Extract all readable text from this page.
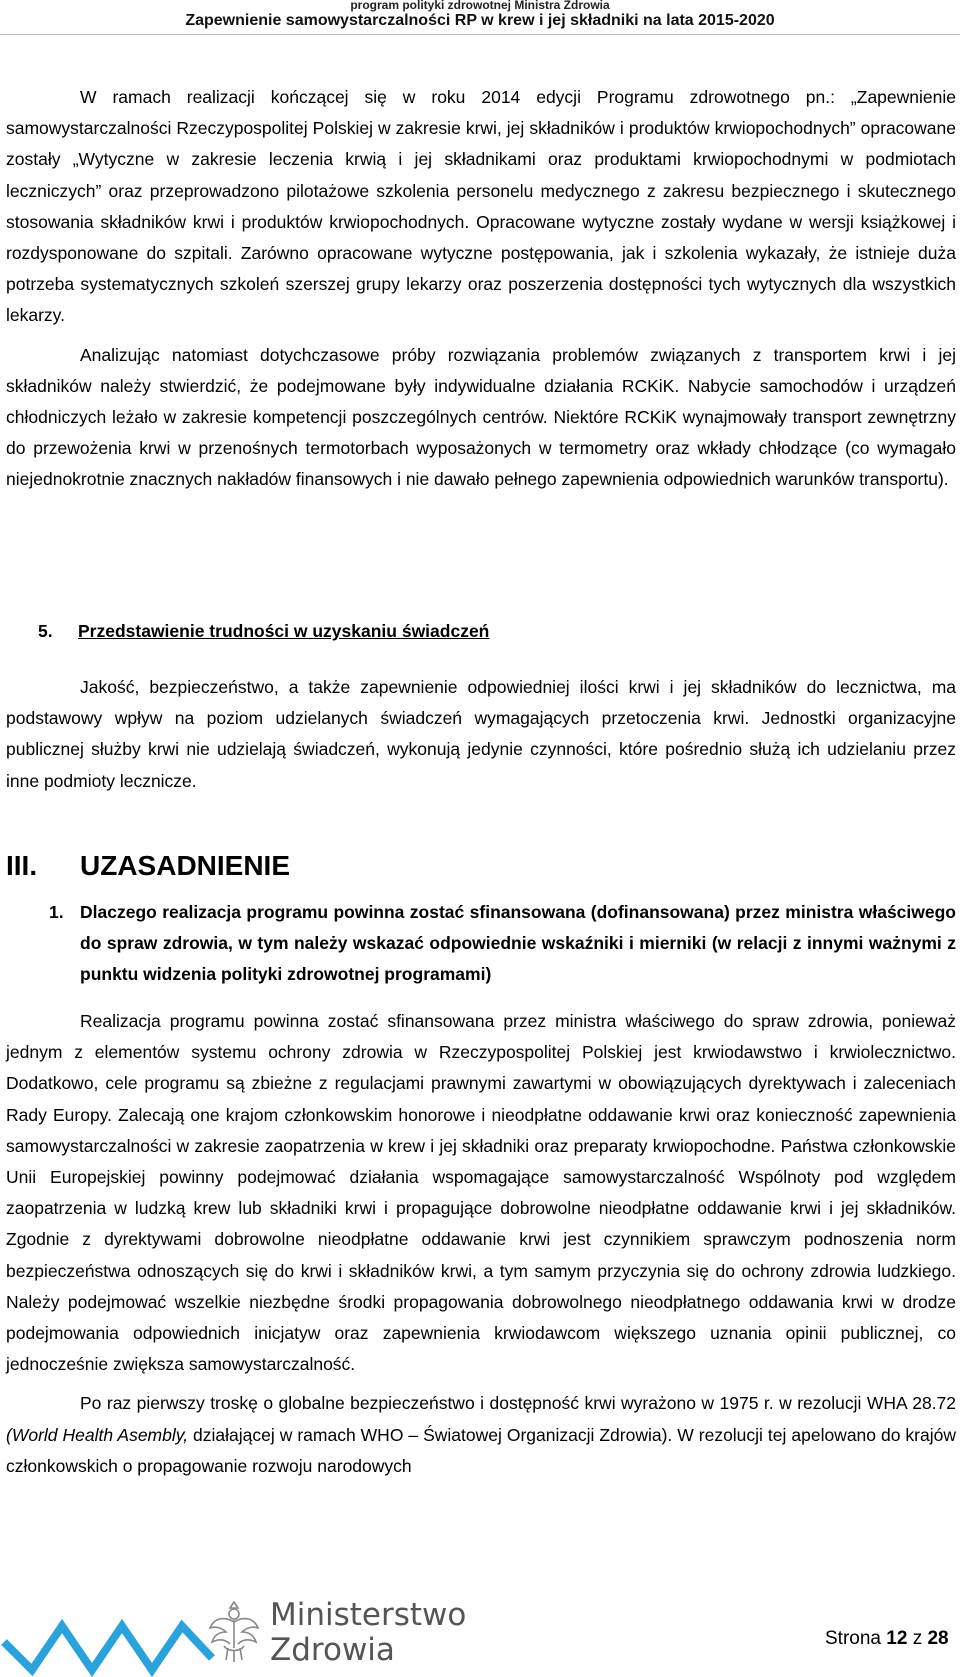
program polityki zdrowotnej Ministra Zdrowia
Zapewnienie samowystarczalności RP w krew i jej składniki na lata 2015-2020

W ramach realizacji kończącej się w roku 2014 edycji Programu zdrowotnego pn.: „Zapewnienie samowystarczalności Rzeczypospolitej Polskiej w zakresie krwi, jej składników i produktów krwiopochodnych” opracowane zostały „Wytyczne w zakresie leczenia krwią i jej składnikami oraz produktami krwiopochodnymi w podmiotach leczniczych” oraz przeprowadzono pilotażowe szkolenia personelu medycznego z zakresu bezpiecznego i skutecznego stosowania składników krwi i produktów krwiopochodnych. Opracowane wytyczne zostały wydane w wersji książkowej i rozdysponowane do szpitali. Zarówno opracowane wytyczne postępowania, jak i szkolenia wykazały, że istnieje duża potrzeba systematycznych szkoleń szerszej grupy lekarzy oraz poszerzenia dostępności tych wytycznych dla wszystkich lekarzy.

Analizując natomiast dotychczasowe próby rozwiązania problemów związanych z transportem krwi i jej składników należy stwierdzić, że podejmowane były indywidualne działania RCKiK. Nabycie samochodów i urządzeń chłodniczych leżało w zakresie kompetencji poszczególnych centrów. Niektóre RCKiK wynajmowały transport zewnętrzny do przewożenia krwi w przenośnych termotorbach wyposażonych w termometry oraz wkłady chłodzące (co wymagało niejednokrotnie znacznych nakładów finansowych i nie dawało pełnego zapewnienia odpowiednich warunków transportu).

5. Przedstawienie trudności w uzyskaniu świadczeń

Jakość, bezpieczeństwo, a także zapewnienie odpowiedniej ilości krwi i jej składników do lecznictwa, ma podstawowy wpływ na poziom udzielanych świadczeń wymagających przetoczenia krwi. Jednostki organizacyjne publicznej służby krwi nie udzielają świadczeń, wykonują jedynie czynności, które pośrednio służą ich udzielaniu przez inne podmioty lecznicze.

III. UZASADNIENIE
1. Dlaczego realizacja programu powinna zostać sfinansowana (dofinansowana) przez ministra właściwego do spraw zdrowia, w tym należy wskazać odpowiednie wskaźniki i mierniki (w relacji z innymi ważnymi z punktu widzenia polityki zdrowotnej programami)

Realizacja programu powinna zostać sfinansowana przez ministra właściwego do spraw zdrowia, ponieważ jednym z elementów systemu ochrony zdrowia w Rzeczypospolitej Polskiej jest krwiodawstwo i krwiolecznictwo. Dodatkowo, cele programu są zbieżne z regulacjami prawnymi zawartymi w obowiązujących dyrektywach i zaleceniach Rady Europy. Zalecają one krajom członkowskim honorowe i nieodpłatne oddawanie krwi oraz konieczność zapewnienia samowystarczalności w zakresie zaopatrzenia w krew i jej składniki oraz preparaty krwiopochodne. Państwa członkowskie Unii Europejskiej powinny podejmować działania wspomagające samowystarczalność Wspólnoty pod względem zaopatrzenia w ludzką krew lub składniki krwi i propagujące dobrowolne nieodpłatne oddawanie krwi i jej składników. Zgodnie z dyrektywami dobrowolne nieodpłatne oddawanie krwi jest czynnikiem sprawczym podnoszenia norm bezpieczeństwa odnoszących się do krwi i składników krwi, a tym samym przyczynia się do ochrony zdrowia ludzkiego. Należy podejmować wszelkie niezbędne środki propagowania dobrowolnego nieodpłatnego oddawania krwi w drodze podejmowania odpowiednich inicjatyw oraz zapewnienia krwiodawcom większego uznania opinii publicznej, co jednocześnie zwiększa samowystarczalność.

Po raz pierwszy troskę o globalne bezpieczeństwo i dostępność krwi wyrażono w 1975 r. w rezolucji WHA 28.72 (World Health Asembly, działającej w ramach WHO – Światowej Organizacji Zdrowia). W rezolucji tej apelowano do krajów członkowskich o propagowanie rozwoju narodowych

Ministerstwo
Zdrowia	Strona 12 z 28
